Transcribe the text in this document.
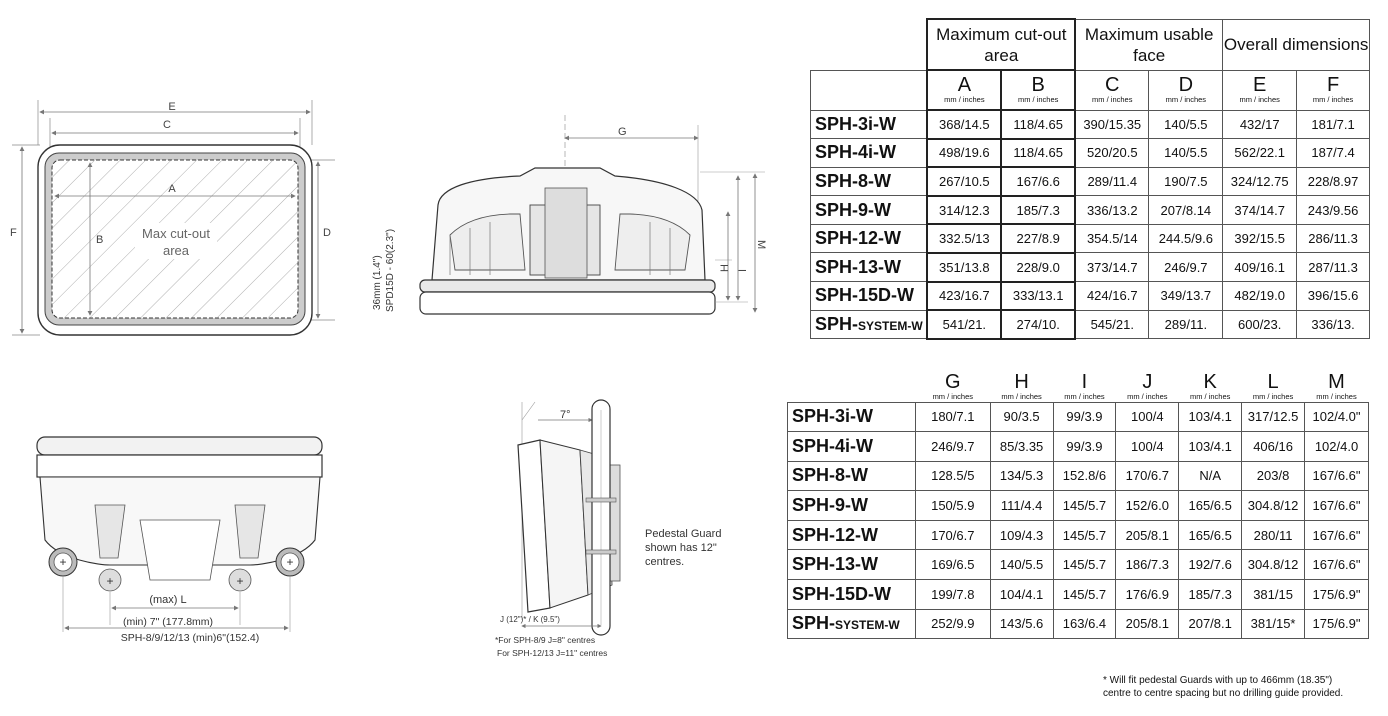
E
C
A
B
D
F	Max cut-out
area
G
H I
M
36mm (1.4") SPD15D - 60(2.3")
+	+
+	+
(max) L
(min) 7" (177.8mm)
SPH-8/9/12/13 (min)6"(152.4)
7°
J (12")* / K (9.5")
*For SPH-8/9 J=8" centres
For SPH-12/13 J=11" centres
Pedestal Guard
shown has 12"
centres.
	Maximum cut-out area		Maximum usable face		Overall dimensions	

	A
mm / inches	B
mm / inches	C
mm / inches	D
mm / inches	E
mm / inches	F
mm / inches

SPH-3i-W	368/14.5	118/4.65	390/15.35	140/5.5	432/17	181/7.1
SPH-4i-W	498/19.6	118/4.65	520/20.5	140/5.5	562/22.1	187/7.4
SPH-8-W	267/10.5	167/6.6	289/11.4	190/7.5	324/12.75	228/8.97
SPH-9-W	314/12.3	185/7.3	336/13.2	207/8.14	374/14.7	243/9.56
SPH-12-W	332.5/13	227/8.9	354.5/14	244.5/9.6	392/15.5	286/11.3
SPH-13-W	351/13.8	228/9.0	373/14.7	246/9.7	409/16.1	287/11.3
SPH-15D-W	423/16.7	333/13.1	424/16.7	349/13.7	482/19.0	396/15.6
SPH-SYSTEM-W	541/21.	274/10.	545/21.	289/11.	600/23.	336/13.

	G
mm / inches	H
mm / inches	I
mm / inches	J
mm / inches	K
mm / inches	L
mm / inches	M
mm / inches

SPH-3i-W	180/7.1	90/3.5	99/3.9	100/4	103/4.1	317/12.5	102/4.0"
SPH-4i-W	246/9.7	85/3.35	99/3.9	100/4	103/4.1	406/16	102/4.0
SPH-8-W	128.5/5	134/5.3	152.8/6	170/6.7	N/A	203/8	167/6.6"
SPH-9-W	150/5.9	111/4.4	145/5.7	152/6.0	165/6.5	304.8/12	167/6.6"
SPH-12-W	170/6.7	109/4.3	145/5.7	205/8.1	165/6.5	280/11	167/6.6"
SPH-13-W	169/6.5	140/5.5	145/5.7	186/7.3	192/7.6	304.8/12	167/6.6"
SPH-15D-W	199/7.8	104/4.1	145/5.7	176/6.9	185/7.3	381/15	175/6.9"
SPH-SYSTEM-W	252/9.9	143/5.6	163/6.4	205/8.1	207/8.1	381/15*	175/6.9"
* Will fit pedestal Guards with up to 466mm (18.35")
centre to centre spacing but no drilling guide provided.
